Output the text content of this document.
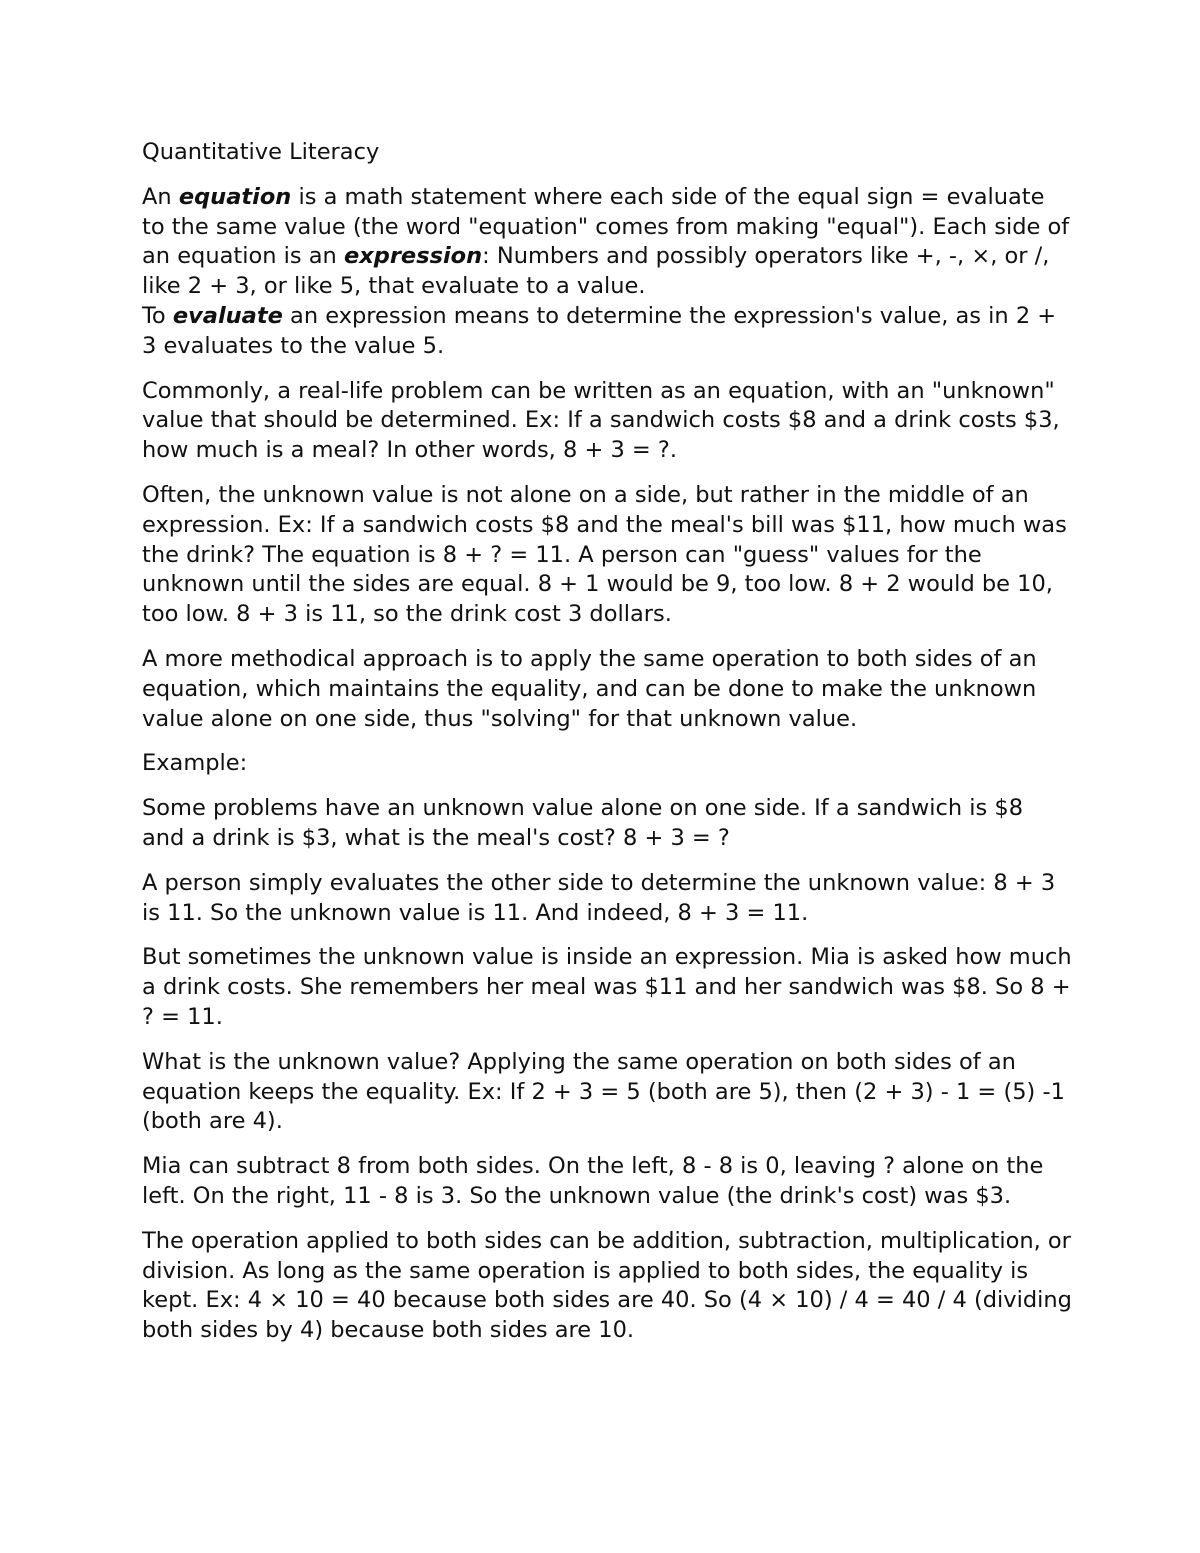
Quantitative Literacy

An equation is a math statement where each side of the equal sign = evaluate to the same value (the word "equation" comes from making "equal"). Each side of an equation is an expression: Numbers and possibly operators like +, -, ×, or /, like 2 + 3, or like 5, that evaluate to a value.
To evaluate an expression means to determine the expression's value, as in 2 + 3 evaluates to the value 5.

Commonly, a real-life problem can be written as an equation, with an "unknown" value that should be determined. Ex: If a sandwich costs $8 and a drink costs $3, how much is a meal? In other words, 8 + 3 = ?.

Often, the unknown value is not alone on a side, but rather in the middle of an expression. Ex: If a sandwich costs $8 and the meal's bill was $11, how much was the drink? The equation is 8 + ? = 11. A person can "guess" values for the unknown until the sides are equal. 8 + 1 would be 9, too low. 8 + 2 would be 10, too low. 8 + 3 is 11, so the drink cost 3 dollars.

A more methodical approach is to apply the same operation to both sides of an equation, which maintains the equality, and can be done to make the unknown value alone on one side, thus "solving" for that unknown value.

Example:

Some problems have an unknown value alone on one side. If a sandwich is $8 and a drink is $3, what is the meal's cost? 8 + 3 = ?

A person simply evaluates the other side to determine the unknown value: 8 + 3 is 11. So the unknown value is 11. And indeed, 8 + 3 = 11.

But sometimes the unknown value is inside an expression. Mia is asked how much a drink costs. She remembers her meal was $11 and her sandwich was $8. So 8 + ? = 11.

What is the unknown value? Applying the same operation on both sides of an equation keeps the equality. Ex: If 2 + 3 = 5 (both are 5), then (2 + 3) - 1 = (5) -1 (both are 4).

Mia can subtract 8 from both sides. On the left, 8 - 8 is 0, leaving ? alone on the left. On the right, 11 - 8 is 3. So the unknown value (the drink's cost) was $3.

The operation applied to both sides can be addition, subtraction, multiplication, or division. As long as the same operation is applied to both sides, the equality is kept. Ex: 4 × 10 = 40 because both sides are 40. So (4 × 10) / 4 = 40 / 4 (dividing both sides by 4) because both sides are 10.
